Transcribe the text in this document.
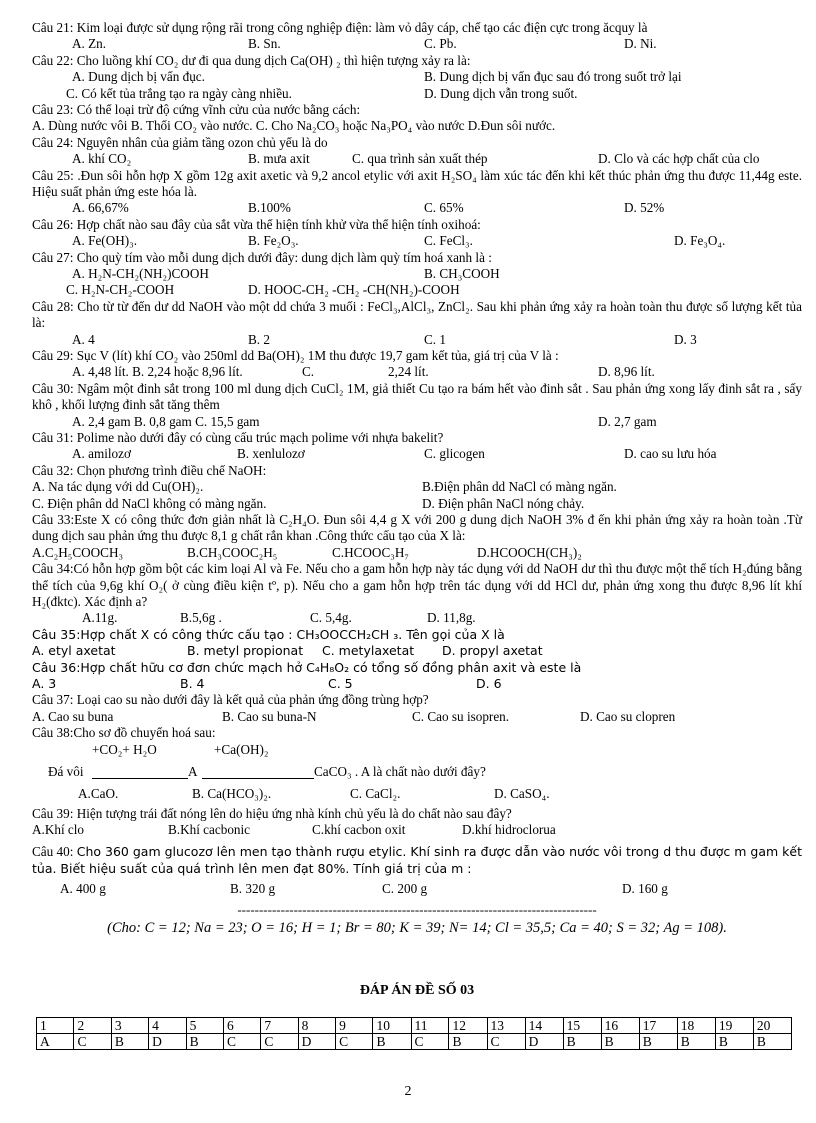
Câu 21: Kim loại được sử dụng rộng rãi trong công nghiệp điện: làm vỏ dây cáp, chế tạo các điện cực trong ăcquy là
A. Zn.	B. Sn.	C. Pb.	D. Ni.
Câu 22: Cho luồng khí CO₂ dư đi qua dung dịch Ca(OH) ₂ thì hiện tượng xảy ra là:
A. Dung dịch bị vẩn đục.	B. Dung dịch bị vẩn đục sau đó trong suốt trở lại
C. Có kết tủa trắng tạo ra ngày càng nhiều.	D. Dung dịch vẫn trong suốt.
Câu 23: Có thể loại trừ độ cứng vĩnh cửu của nước bằng cách:
A. Dùng nước vôi B. Thổi CO₂ vào nước. C. Cho Na₂CO₃ hoặc Na₃PO₄ vào nước D.Đun sôi nước.
Câu 24: Nguyên nhân của giảm tầng ozon chủ yếu là do
A. khí CO₂	B. mưa axit	C. qua trình sản xuất thép	D. Clo và các hợp chất của clo
Câu 25: .Đun sôi hỗn hợp X gồm 12g axit axetic và 9,2 ancol etylic với axit H₂SO₄ làm xúc tác đến khi kết thúc phản ứng thu được 11,44g este. Hiệu suất phản ứng este hóa là.
A. 66,67%	B.100%	C. 65%	D. 52%
Câu 26: Hợp chất nào sau đây của sắt vừa thể hiện tính khử vừa thể hiện tính oxihoá:
A. Fe(OH)₃.	B. Fe₂O₃.	C. FeCl₃.	D. Fe₃O₄.
Câu 27: Cho quỳ tím vào mỗi dung dịch dưới đây: dung dịch làm quỳ tím hoá xanh là :
A. H₂N-CH₂(NH₂)COOH	B. CH₃COOH
C. H₂N-CH₂-COOH	D. HOOC-CH₂ -CH₂ -CH(NH₂)-COOH
Câu 28: Cho từ từ đến dư dd NaOH vào một dd chứa 3 muối : FeCl₃,AlCl₃, ZnCl₂. Sau khi phản ứng xảy ra hoàn toàn thu được số lượng kết tủa là:
A. 4	B. 2	C. 1	D. 3
Câu 29: Sục V (lít) khí CO₂ vào 250ml dd Ba(OH)₂ 1M thu được 19,7 gam kết tủa, giá trị của V là :
A. 4,48 lít. B. 2,24 hoặc 8,96 lít.	C.	2,24 lít.	D. 8,96 lít.
Câu 30: Ngâm một đinh sắt trong 100 ml dung dịch CuCl₂ 1M, giả thiết Cu tạo ra bám hết vào đinh sắt . Sau phản ứng xong lấy đinh sắt ra , sấy khô , khối lượng đinh sắt tăng thêm
A. 2,4 gam B. 0,8 gam C. 15,5 gam	D. 2,7 gam
Câu 31: Polime nào dưới đây có cùng cấu trúc mạch polime với nhựa bakelit?
A. amilozơ	B. xenlulozơ	C. glicogen	D. cao su lưu hóa
Câu 32: Chọn phương trình điều chế NaOH:
A. Na tác dụng với dd Cu(OH)₂.	B.Điện phân dd NaCl có màng ngăn.
C. Điện phân dd NaCl không có màng ngăn.	D. Điện phân NaCl nóng chảy.
Câu 33:Este X có công thức đơn giản nhất là C₂H₄O. Đun sôi 4,4 g X với 200 g dung dịch NaOH 3% đ ến khi phản ứng xảy ra hoàn toàn .Từ dung dịch sau phản ứng thu được 8,1 g chất rắn khan .Công thức cấu tạo của X là:
A.C₂H₅COOCH₃	B.CH₃COOC₂H₅	C.HCOOC₃H₇	D.HCOOCH(CH₃)₂
Câu 34:Có hỗn hợp gồm bột các kim loại Al và Fe. Nếu cho a gam hỗn hợp này tác dụng với dd NaOH dư thì thu được một thể tích H₂đúng bằng thể tích của 9,6g khí O₂( ở cùng điều kiện tº, p). Nếu cho a gam hỗn hợp trên tác dụng với dd HCl dư, phản ứng xong thu được 8,96 lít khí H₂(đktc). Xác định a?
A.11g.	B.5,6g .	C. 5,4g.	D. 11,8g.
Câu 35:Hợp chất X có công thức cấu tạo : CH₃OOCCH₂CH ₃. Tên gọi của X là
A. etyl axetat	B. metyl propionat C. metylaxetat D. propyl axetat
Câu 36:Hợp chất hữu cơ đơn chức mạch hở C₄H₈O₂ có tổng số đồng phân axit và este là
A. 3	B. 4	C. 5	D. 6
Câu 37: Loại cao su nào dưới đây là kết quả của phản ứng đồng trùng hợp?
A. Cao su buna	B. Cao su buna-N	C. Cao su isopren.	D. Cao su clopren
Câu 38:Cho sơ đồ chuyển hoá sau:
+CO₂+ H₂O	+Ca(OH)₂
Đá vôi	A	CaCO₃ . A là chất nào dưới đây?
A.CaO.	B. Ca(HCO₃)₂.	C. CaCl₂.	D. CaSO₄.
Câu 39: Hiện tượng trái đất nóng lên do hiệu ứng nhà kính chủ yếu là do chất nào sau đây?
A.Khí clo	B.Khí cacbonic	C.khí cacbon oxit	D.khí hidroclorua
Câu 40: Cho 360 gam glucozơ lên men tạo thành rượu etylic. Khí sinh ra được dẫn vào nước vôi trong d thu được m gam kết tủa. Biết hiệu suất của quá trình lên men đạt 80%. Tính giá trị của m :
A. 400 g	B. 320 g	C. 200 g	D. 160 g
-----------------------------------------------------------------------------------
(Cho: C = 12; Na = 23; O = 16; H = 1; Br = 80; K = 39; N= 14; Cl = 35,5; Ca = 40; S = 32; Ag = 108).
ĐÁP ÁN ĐỀ SỐ 03
1	2	3	4	5	6	7	8	9	10	11	12	13	14	15	16	17	18	19	20
A	C	B	D	B	C	C	D	C	B	C	B	C	D	B	B	B	B	B	B
2
